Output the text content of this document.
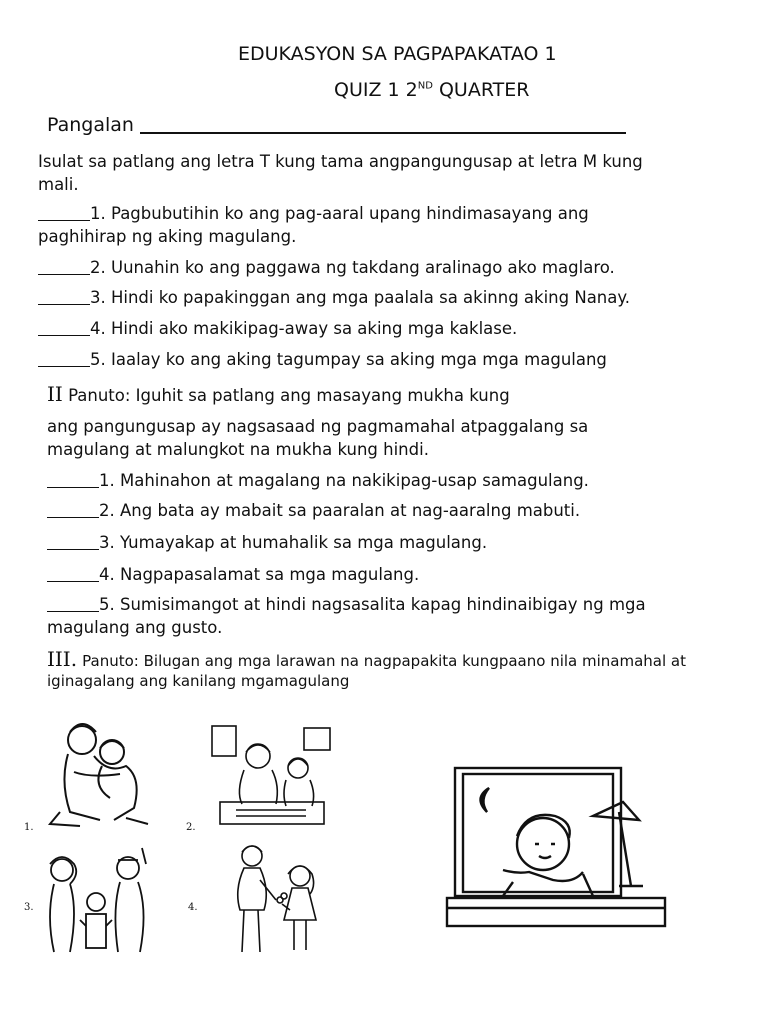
EDUKASYON SA PAGPAPAKATAO 1
QUIZ 1 2ND QUARTER
Pangalan
Isulat sa patlang ang letra T kung tama angpangungusap at letra M kung
mali.
1. Pagbubutihin ko ang pag-aaral upang hindimasayang ang
paghihirap ng aking magulang.
2. Uunahin ko ang paggawa ng takdang aralinago ako maglaro.
3. Hindi ko papakinggan ang mga paalala sa akinng aking Nanay.
4. Hindi ako makikipag-away sa aking mga kaklase.
5. Iaalay ko ang aking tagumpay sa aking mga mga magulang
II Panuto: Iguhit sa patlang ang masayang mukha kung
ang pangungusap ay nagsasaad ng pagmamahal atpaggalang sa
magulang at malungkot na mukha kung hindi.
1. Mahinahon at magalang na nakikipag-usap samagulang.
2. Ang bata ay mabait sa paaralan at nag-aaralng mabuti.
3. Yumayakap at humahalik sa mga magulang.
4. Nagpapasalamat sa mga magulang.
5. Sumisimangot at hindi nagsasalita kapag hindinaibigay ng mga
magulang ang gusto.
III. Panuto: Bilugan ang mga larawan na nagpapakita kungpaano nila minamahal at
iginagalang ang kanilang mgamagulang
1.	2.
3.	4.
